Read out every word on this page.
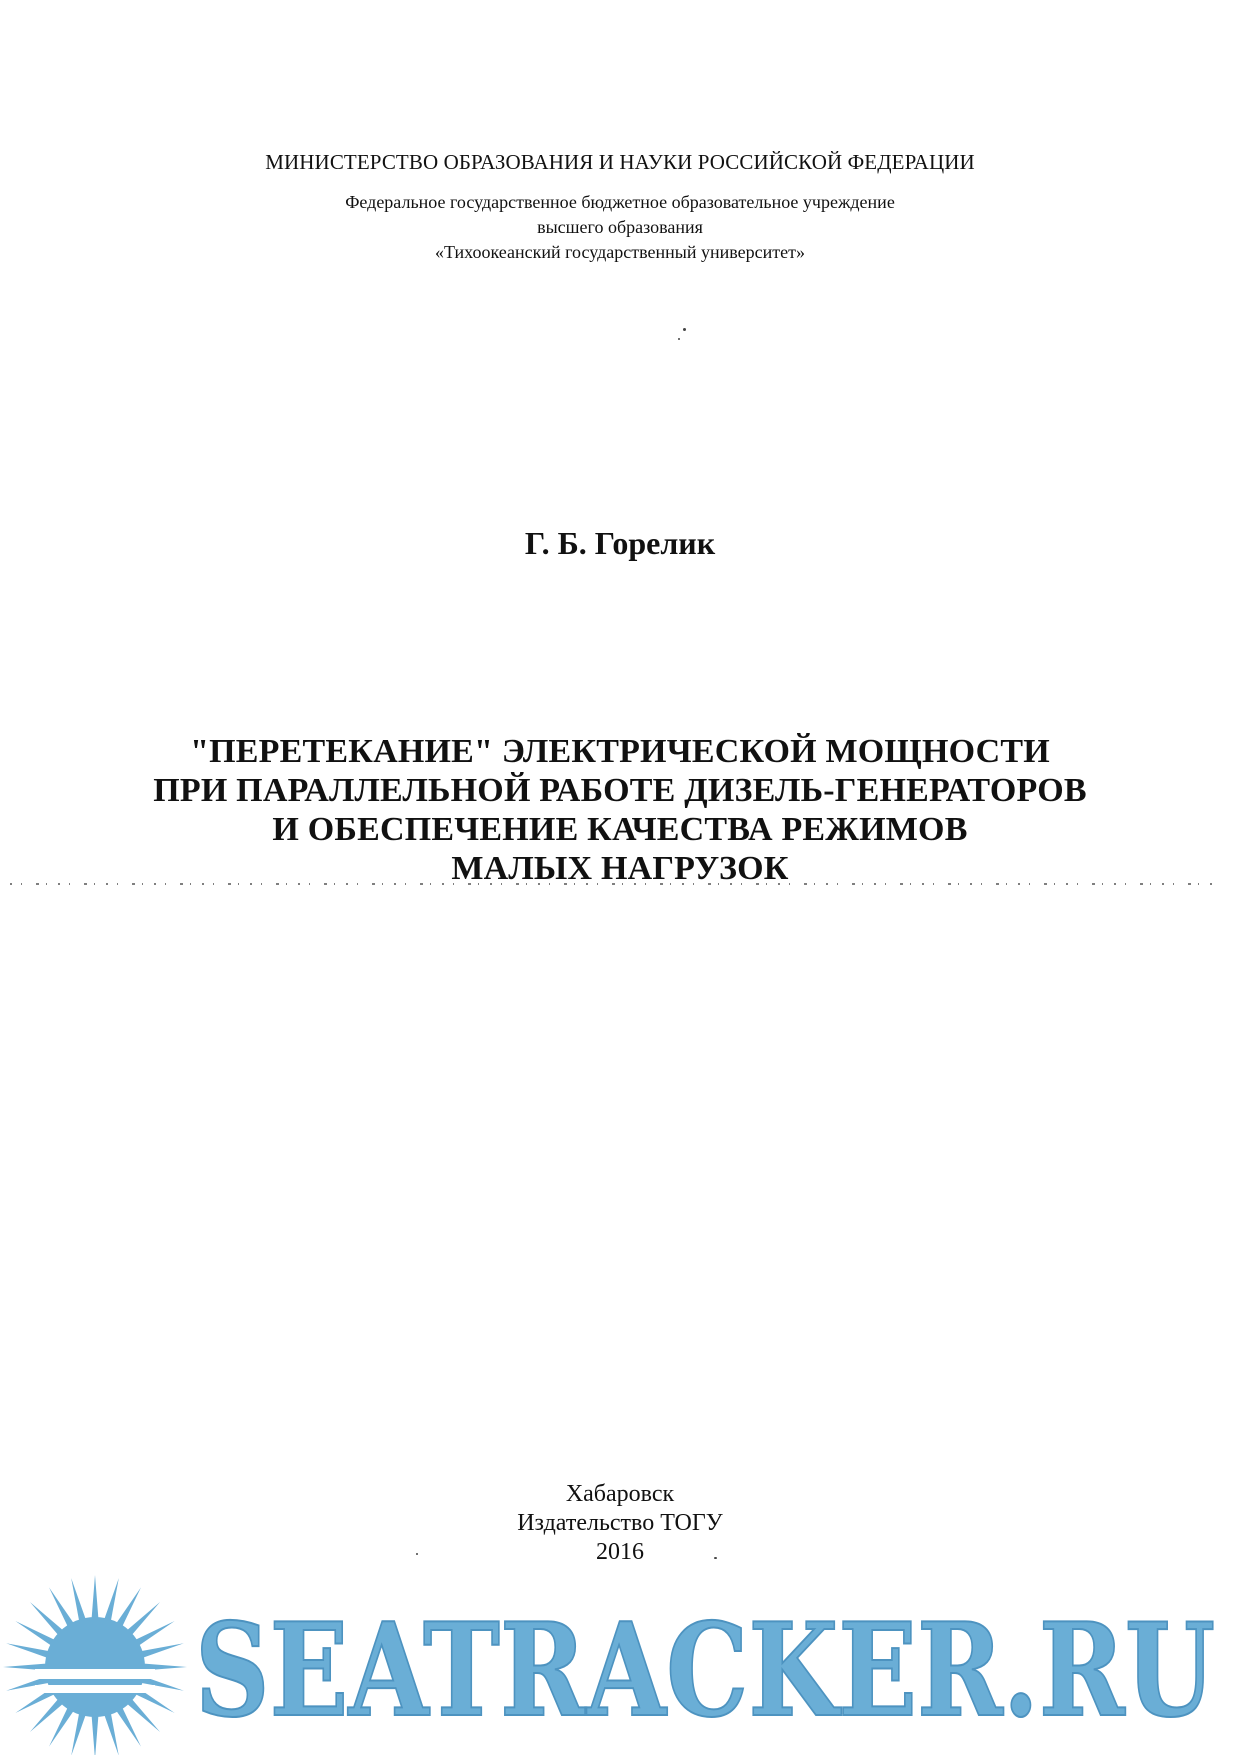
МИНИСТЕРСТВО ОБРАЗОВАНИЯ И НАУКИ РОССИЙСКОЙ ФЕДЕРАЦИИ
Федеральное государственное бюджетное образовательное учреждение
высшего образования
«Тихоокеанский государственный университет»
Г. Б. Горелик
"ПЕРЕТЕКАНИЕ" ЭЛЕКТРИЧЕСКОЙ МОЩНОСТИ
ПРИ ПАРАЛЛЕЛЬНОЙ РАБОТЕ ДИЗЕЛЬ-ГЕНЕРАТОРОВ
И ОБЕСПЕЧЕНИЕ КАЧЕСТВА РЕЖИМОВ
МАЛЫХ НАГРУЗОК
Хабаровск
Издательство ТОГУ
2016
SEATRACKER.RU
